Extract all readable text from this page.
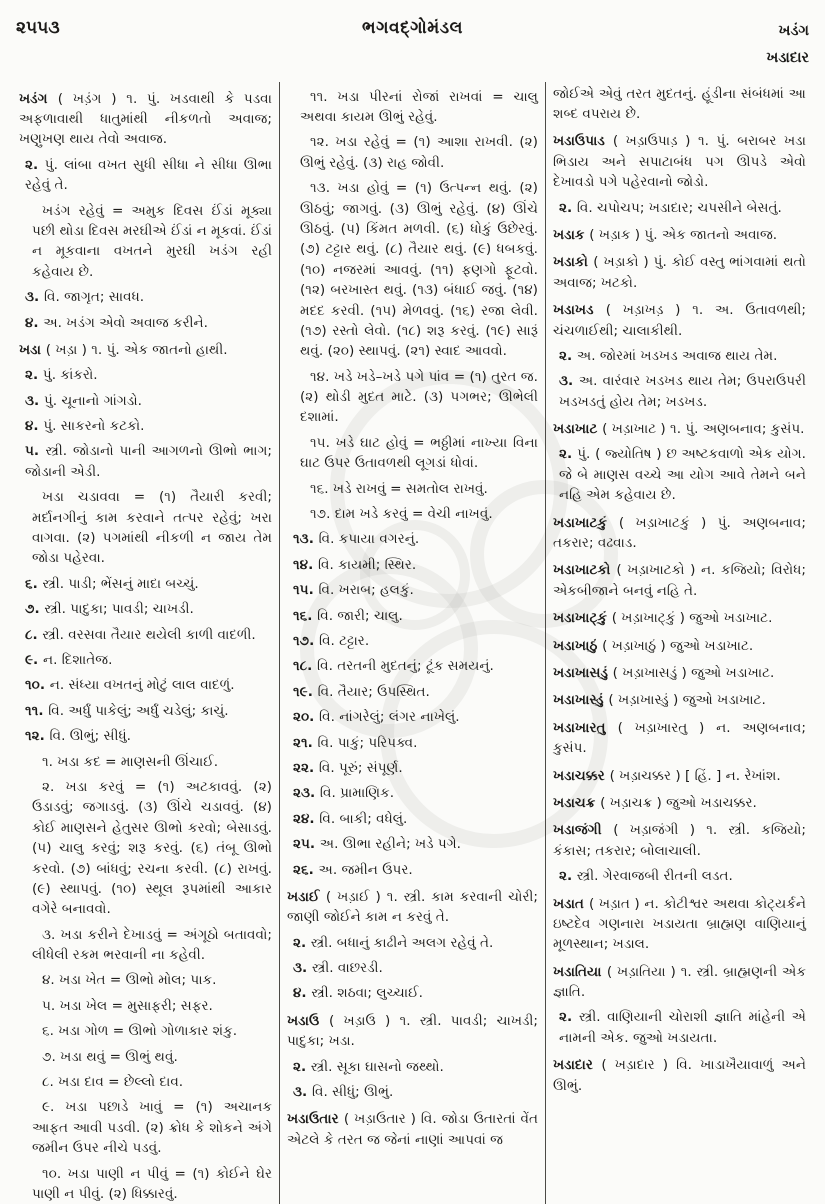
૨૫૫૩	ભગવદ્ગોમંડલ	ખડંગ
ખડાદાર

ખડંગ ( ખડ઼ંગ ) ૧. પું. ખડવાથી કે પડવા અફળાવાથી ધાતુમાંથી નીકળતો અવાજ; ખણુખણ થાય તેવો અવાજ.

૨. પું. લાંબા વખત સુધી સીધા ને સીધા ઊભા રહેવું તે.

ખડંગ રહેવું = અમુક દિવસ ઈંડાં મૂક્યા પછી થોડા દિવસ મરઘીએ ઈંડાં ન મૂકવાં. ઈંડાં ન મૂકવાના વખતને મુરઘી ખડંગ રહી કહેવાય છે.

૩. વિ. જાગૃત; સાવધ.

૪. અ. ખડંગ એવો અવાજ કરીને.

ખડા ( ખડ઼ા ) ૧. પું. એક જાતનો હાથી.

૨. પું. કાંકરો.

૩. પું. ચૂનાનો ગાંગડો.

૪. પું. સાકરનો કટકો.

૫. સ્ત્રી. જોડાનો પાની આગળનો ઊભો ભાગ; જોડાની એડી.

ખડા ચડાવવા = (૧) તૈયારી કરવી; મર્દાનગીનું કામ કરવાને તત્પર રહેવું; ખરા વાગવા. (૨) પગમાંથી નીકળી ન જાય તેમ જોડા પહેરવા.

૬. સ્ત્રી. પાડી; ભેંસનું માદા બચ્ચું.

૭. સ્ત્રી. પાદુકા; પાવડી; ચાખડી.

૮. સ્ત્રી. વરસવા તૈયાર થયેલી કાળી વાદળી.

૯. ન. દિશાતેજ.

૧૦. ન. સંધ્યા વખતનું મોટું લાલ વાદળું.

૧૧. વિ. અર્ધું પાકેલું; અર્ધું ચડેલું; કાચું.

૧૨. વિ. ઊભું; સીધું.

૧. ખડા કદ = માણસની ઊંચાઈ.

૨. ખડા કરવું = (૧) અટકાવવું. (૨) ઉડાડવું; જગાડવું. (૩) ઊંચે ચડાવવું. (૪) કોઈ માણસને હેતુસર ઊભો કરવો; બેસાડવું. (૫) ચાલુ કરવું; શરૂ કરવું. (૬) તંબૂ ઊભો કરવો. (૭) બાંધવું; રચના કરવી. (૮) રાખવું. (૯) સ્થાપવું. (૧૦) સ્થૂલ રૂપમાંથી આકાર વગેરે બનાવવો.

૩. ખડા કરીને દેખાડવું = અંગૂઠો બતાવવો; લીધેલી રકમ ભરવાની ના કહેવી.

૪. ખડા ખેત = ઊભો મોલ; પાક.

૫. ખડા ખેલ = મુસાફરી; સફર.

૬. ખડા ગોળ = ઊભો ગોળાકાર શંકુ.

૭. ખડા થવું = ઊભું થવું.

૮. ખડા દાવ = છેલ્લો દાવ.

૯. ખડા પછાડે ખાવું = (૧) અચાનક આફત આવી પડવી. (૨) ક્રોધ કે શોકને અંગે જમીન ઉપર નીચે પડવું.

૧૦. ખડા પાણી ન પીવું = (૧) કોઈને ઘેર પાણી ન પીવું. (૨) ધિક્કારવું.

૧૧. ખડા પીરનાં રોજાં રાખવાં = ચાલુ અથવા કાયમ ઊભું રહેવું.

૧૨. ખડા રહેવું = (૧) આશા રાખવી. (૨) ઊભું રહેવું. (૩) રાહ જોવી.

૧૩. ખડા હોવું = (૧) ઉત્પન્ન થવું. (૨) ઊઠવું; જાગવું. (૩) ઊભું રહેવું. (૪) ઊંચે ઊઠવું. (૫) કિંમત મળવી. (૬) ધોકું ઉછેરવું. (૭) ટટ્ટાર થવું. (૮) તૈયાર થવું. (૯) ધબકવું. (૧૦) નજરમાં આવવું. (૧૧) ફણગો ફૂટવો. (૧૨) બરખાસ્ત થવું. (૧૩) બંધાઈ જવું. (૧૪) મદદ કરવી. (૧૫) મેળવવું. (૧૬) રજા લેવી. (૧૭) રસ્તો લેવો. (૧૮) શરૂ કરવું. (૧૯) સારૂં થવું. (૨૦) સ્થાપવું. (૨૧) સ્વાદ આવવો.

૧૪. ખડે ખડે–ખડે પગે પાંવ = (૧) તુરત જ. (૨) થોડી મુદત માટે. (૩) પગભર; ઊભેલી દશામાં.

૧૫. ખડે ઘાટ હોવું = ભઠ્ઠીમાં નાખ્યા વિના ઘાટ ઉપર ઉતાવળથી લૂગડાં ધોવાં.

૧૬. ખડે રાખવું = સમતોલ રાખવું.

૧૭. દામ ખડે કરવું = વેચી નાખવું.

૧૩. વિ. કપાયા વગરનું.

૧૪. વિ. કાયમી; સ્થિર.

૧૫. વિ. ખરાબ; હલકું.

૧૬. વિ. જારી; ચાલુ.

૧૭. વિ. ટટ્ટાર.

૧૮. વિ. તરતની મુદતનું; ટૂંક સમયનું.

૧૯. વિ. તૈયાર; ઉપસ્થિત.

૨૦. વિ. નાંગરેલું; લંગર નાખેલું.

૨૧. વિ. પાકું; પરિપક્વ.

૨૨. વિ. પૂરું; સંપૂર્ણ.

૨૩. વિ. પ્રામાણિક.

૨૪. વિ. બાકી; વધેલું.

૨૫. અ. ઊભા રહીને; ખડે પગે.

૨૬. અ. જમીન ઉપર.

ખડાઈ ( ખડ઼ાઈ ) ૧. સ્ત્રી. કામ કરવાની ચોરી; જાણી જોઈને કામ ન કરવું તે.

૨. સ્ત્રી. બધાનું કાઢીને અલગ રહેવું તે.

૩. સ્ત્રી. વાછરડી.

૪. સ્ત્રી. શઠવા; લુચ્ચાઈ.

ખડાઉ ( ખડ઼ાઉ ) ૧. સ્ત્રી. પાવડી; ચાખડી; પાદુકા; ખડા.

૨. સ્ત્રી. સૂકા ઘાસનો જથ્થો.

૩. વિ. સીધું; ઊભું.

ખડાઉતાર ( ખડ઼ાઉતાર ) વિ. જોડા ઉતારતાં વેંત એટલે કે તરત જ જેનાં નાણાં આપવાં જ

જોઈએ એવું તરત મુદતનું. હૂંડીના સંબંધમાં આ શબ્દ વપરાય છે.

ખડાઉપાડ ( ખડ઼ાઉપાડ઼ ) ૧. પું. બરાબર ખડા ભિડાય અને સપાટાબંધ પગ ઊપડે એવો દેખાવડો પગે પહેરવાનો જોડો.

૨. વિ. ચપોચપ; ખડાદાર; ચપસીને બેસતું.

ખડાક ( ખડ઼ાક ) પું. એક જાતનો અવાજ.

ખડાકો ( ખડ઼ાકો ) પું. કોઈ વસ્તુ ભાંગવામાં થતો અવાજ; ખટકો.

ખડાખડ ( ખડ઼ાખડ઼ ) ૧. અ. ઉતાવળથી; ચંચળાઈથી; ચાલાકીથી.

૨. અ. જોરમાં ખડખડ અવાજ થાય તેમ.

૩. અ. વારંવાર ખડખડ થાય તેમ; ઉપરાઉપરી ખડખડતું હોય તેમ; ખડખડ.

ખડાખાટ ( ખડ઼ાખાટ ) ૧. પું. અણબનાવ; કુસંપ.

૨. પું. ( જ્યોતિષ ) છ અષ્ટકવાળો એક યોગ. જે બે માણસ વચ્ચે આ યોગ આવે તેમને બને નહિ એમ કહેવાય છે.

ખડાખાટકું ( ખડ઼ાખાટકું ) પું. અણબનાવ; તકરાર; વઢવાડ.

ખડાખાટકો ( ખડ઼ાખાટકો ) ન. કજિયો; વિરોધ; એકબીજાને બનવું નહિ તે.

ખડાખાટ્કું ( ખડ઼ાખાટ્કું ) જુઓ ખડાખાટ.

ખડાખાઠું ( ખડ઼ાખાઠું ) જુઓ ખડાખાટ.

ખડાખાસડું ( ખડ઼ાખાસડું ) જુઓ ખડાખાટ.

ખડાખાસ્ડું ( ખડ઼ાખાસ્ડું ) જુઓ ખડાખાટ.

ખડાખારતુ ( ખડ઼ાખારતુ ) ન. અણબનાવ; કુસંપ.

ખડાચક્કર ( ખડ઼ાચક્કર ) [ હિં. ] ન. રેખાંશ.

ખડાચક્ર ( ખડ઼ાચક્ર ) જુઓ ખડાચક્કર.

ખડાજંગી ( ખડ઼ાજંગી ) ૧. સ્ત્રી. કજિયો; કંકાસ; તકરાર; બોલાચાલી.

૨. સ્ત્રી. ગેરવાજબી રીતની લડત.

ખડાત ( ખડ઼ાત ) ન. કોટીશ્વર અથવા કોટ્યર્કને ઇષ્ટદેવ ગણનારા ખડાયતા બ્રાહ્મણ વાણિયાનું મૂળસ્થાન; ખડાલ.

ખડાતિયા ( ખડ઼ાતિયા ) ૧. સ્ત્રી. બ્રાહ્મણની એક જ્ઞાતિ.

૨. સ્ત્રી. વાણિયાની ચોરાશી જ્ઞાતિ માંહેની એ નામની એક. જુઓ ખડાયતા.

ખડાદાર ( ખડ઼ાદાર ) વિ. ખાડાખૈયાવાળું અને ઊભું.
